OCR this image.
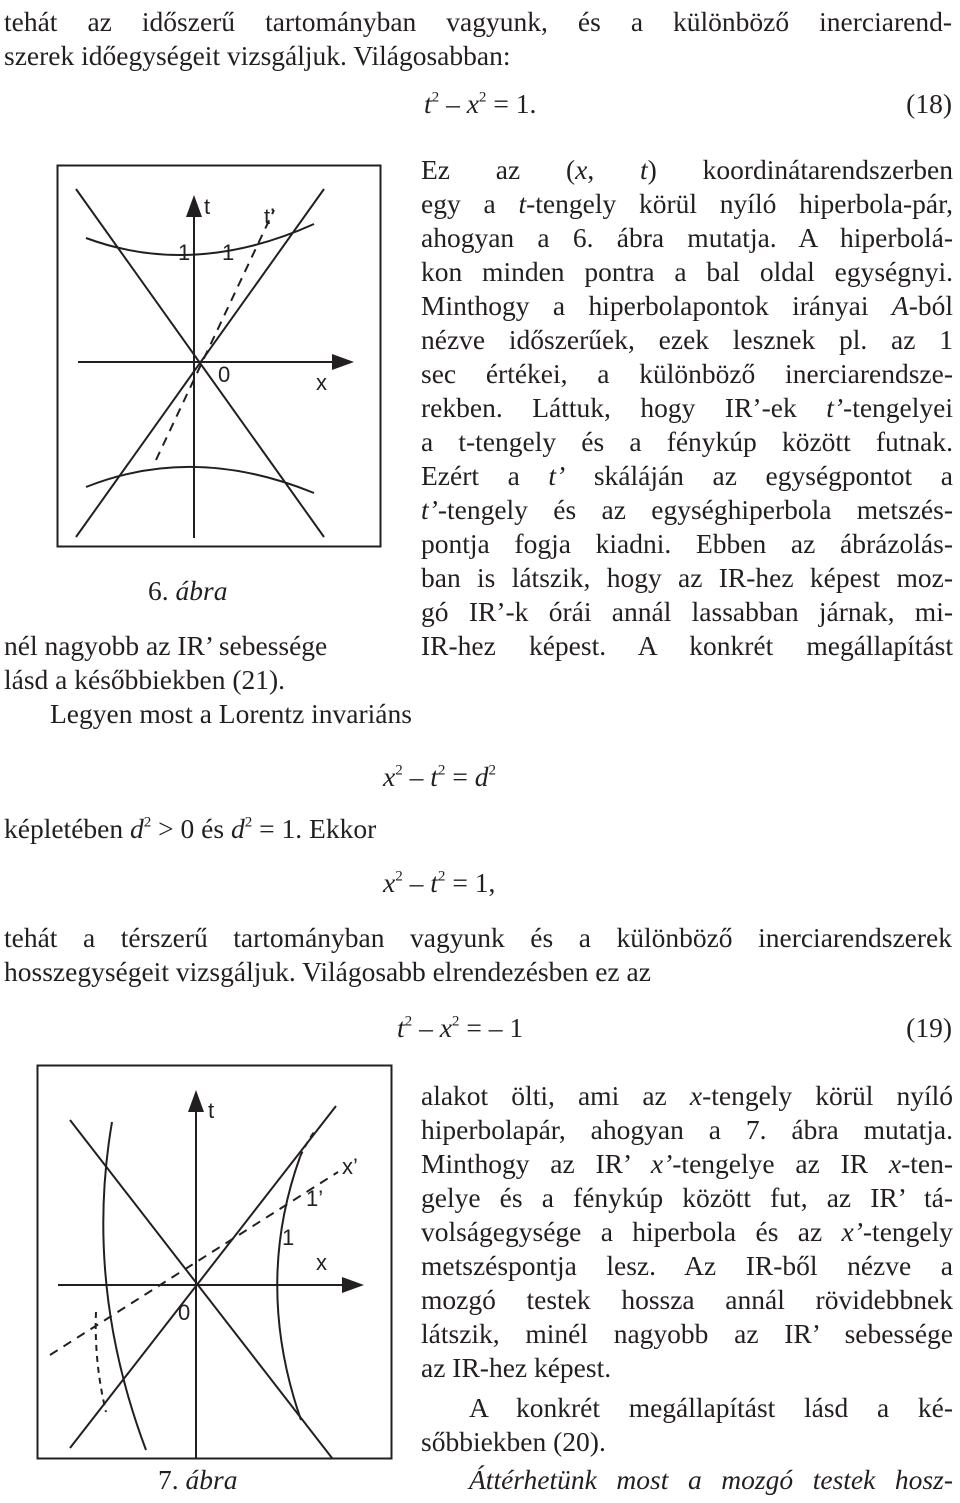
tehát az időszerű tartományban vagyunk, és a különböző inerciarend-
szerek időegységeit vizsgáljuk. Világosabban:
$t^2 - x^2 = 1$.	(18)
t t’
1 1
0	x
6. ábra
Ez az (x, t) koordinátarendszerben
egy a t-tengely körül nyíló hiperbola-pár,
ahogyan a 6. ábra mutatja. A hiperbolá-
kon minden pontra a bal oldal egységnyi.
Minthogy a hiperbolapontok irányai A-ból
nézve időszerűek, ezek lesznek pl. az 1
sec értékei, a különböző inerciarendsze-
rekben. Láttuk, hogy IR’-ek t’-tengelyei
a t-tengely és a fénykúp között futnak.
Ezért a t’ skáláján az egységpontot a
t’-tengely és az egységhiperbola metszés-
pontja fogja kiadni. Ebben az ábrázolás-
ban is látszik, hogy az IR-hez képest moz-
gó IR’-k órái annál lassabban járnak, mi-
nél nagyobb az IR’ sebessége	IR-hez képest. A konkrét megállapítást
lásd a későbbiekben (21).
Legyen most a Lorentz invariáns
$x^2 - t^2 = d^2$
képletében $d^2 > 0$ és $d^2 = 1$. Ekkor
$x^2 - t^2 = 1$,
tehát a térszerű tartományban vagyunk és a különböző inerciarendszerek
hosszegységeit vizsgáljuk. Világosabb elrendezésben ez az
$t^2 - x^2$ = – 1	(19)
t
x’
1’
1
0
x
7. ábra
alakot ölti, ami az x-tengely körül nyíló
hiperbolapár, ahogyan a 7. ábra mutatja.
Minthogy az IR’ x’-tengelye az IR x-ten-
gelye és a fénykúp között fut, az IR’ tá-
volságegysége a hiperbola és az x’-tengely
metszéspontja lesz. Az IR-ből nézve a
mozgó testek hossza annál rövidebbnek
látszik, minél nagyobb az IR’ sebessége
az IR-hez képest.
A konkrét megállapítást lásd a ké-
sőbbiekben (20).
Áttérhetünk most a mozgó testek hosz-
